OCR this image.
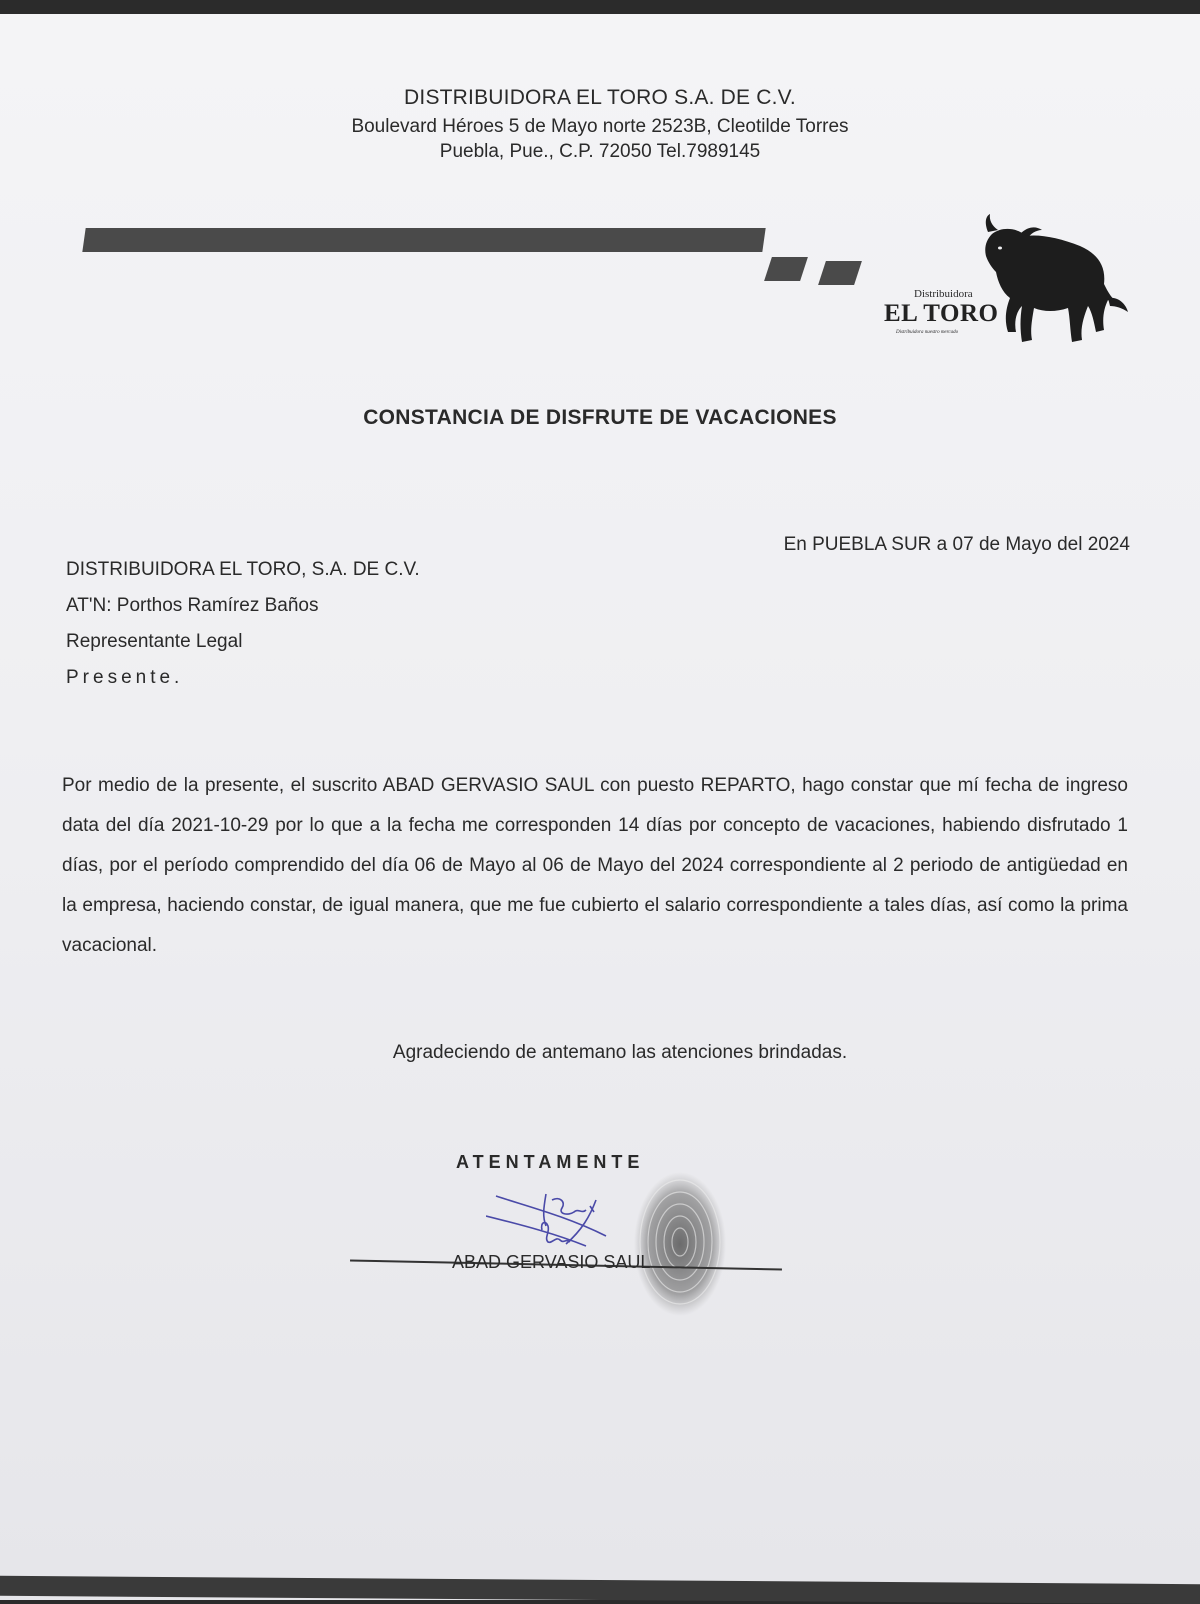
DISTRIBUIDORA EL TORO S.A. DE C.V.
Boulevard Héroes 5 de Mayo norte 2523B, Cleotilde Torres
Puebla, Pue., C.P. 72050 Tel.7989145
Distribuidora
EL TORO
Distribuidora nuestro mercado
CONSTANCIA DE DISFRUTE DE VACACIONES
En PUEBLA SUR a 07 de Mayo del 2024
DISTRIBUIDORA EL TORO, S.A. DE C.V.
AT'N: Porthos Ramírez Baños
Representante Legal
Presente.
Por medio de la presente, el suscrito ABAD GERVASIO SAUL con puesto REPARTO, hago constar que mí fecha de ingreso data del día 2021-10-29 por lo que a la fecha me corresponden 14 días por concepto de vacaciones, habiendo disfrutado 1 días, por el período comprendido del día 06 de Mayo al 06 de Mayo del 2024 correspondiente al 2 periodo de antigüedad en la empresa, haciendo constar, de igual manera, que me fue cubierto el salario correspondiente a tales días, así como la prima vacacional.
Agradeciendo de antemano las atenciones brindadas.
ATENTAMENTE
ABAD GERVASIO SAUL
